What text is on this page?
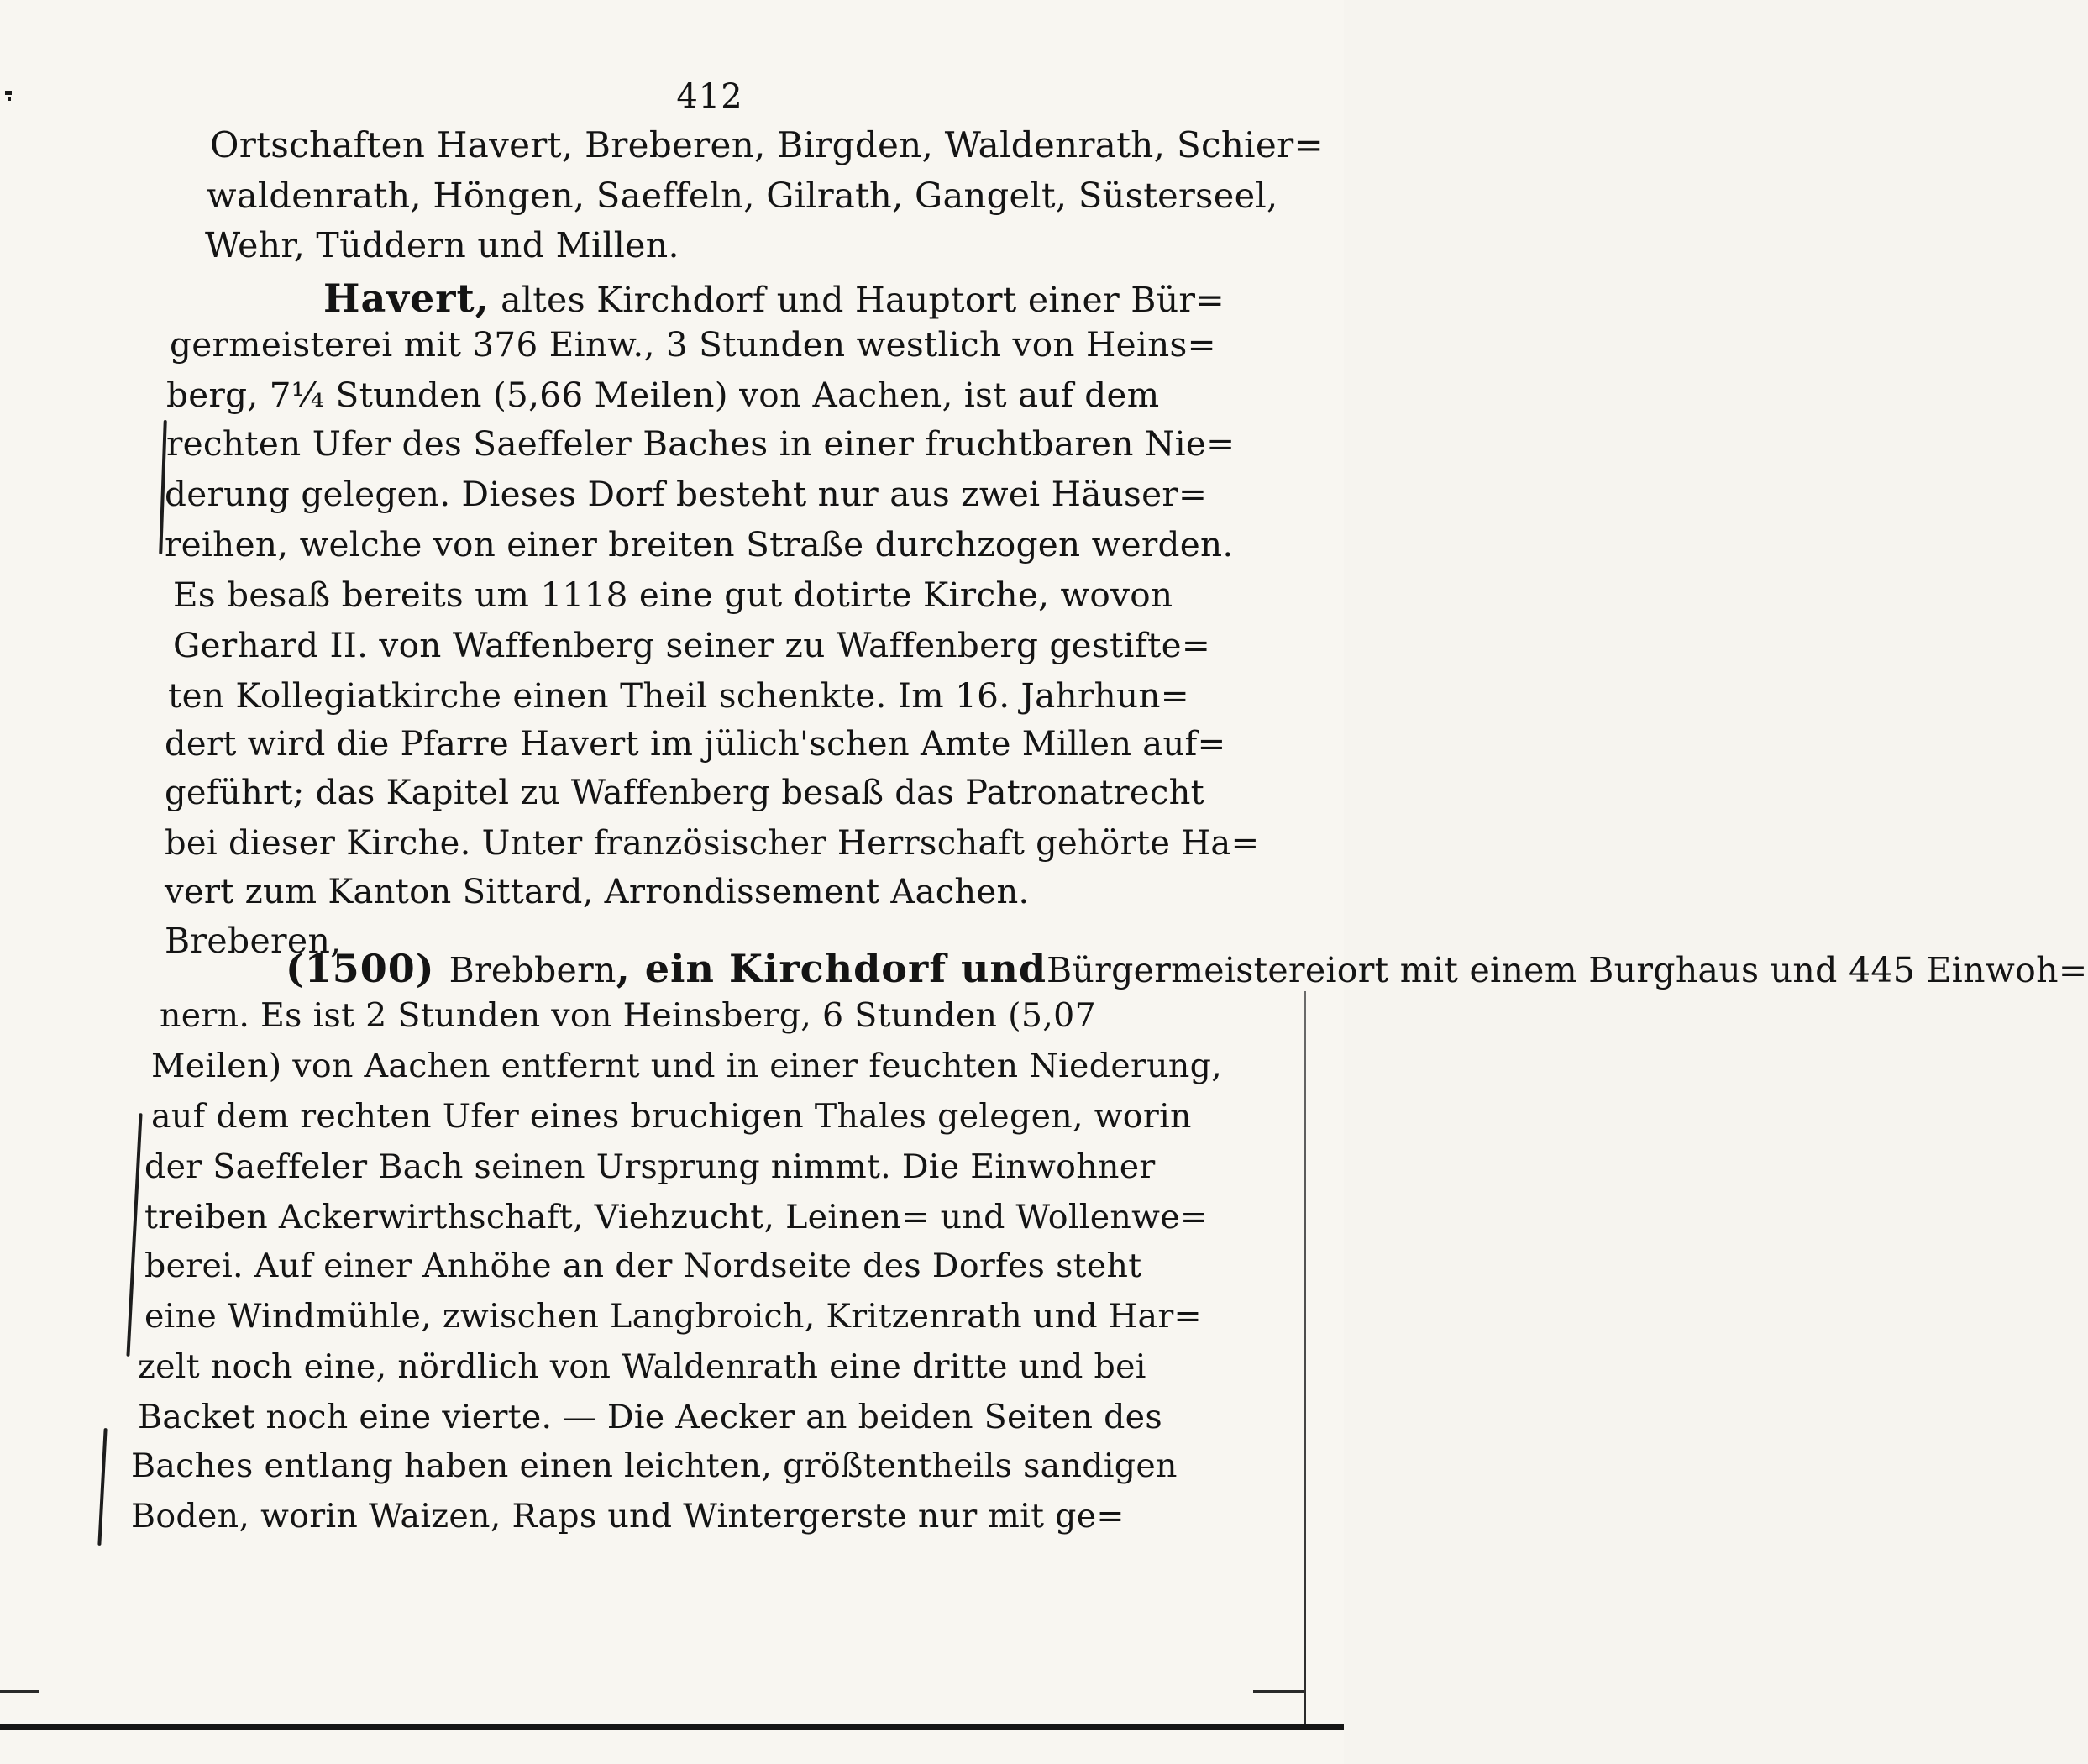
412
Ortschaften Havert, Breberen, Birgden, Waldenrath, Schier=
waldenrath, Höngen, Saeffeln, Gilrath, Gangelt, Süsterseel,
Wehr, Tüddern und Millen.
Havert, altes Kirchdorf und Hauptort einer Bür=
germeisterei mit 376 Einw., 3 Stunden westlich von Heins=
berg, 7¼ Stunden (5,66 Meilen) von Aachen, ist auf dem
rechten Ufer des Saeffeler Baches in einer fruchtbaren Nie=
derung gelegen. Dieses Dorf besteht nur aus zwei Häuser=
reihen, welche von einer breiten Straße durchzogen werden.
Es besaß bereits um 1118 eine gut dotirte Kirche, wovon
Gerhard II. von Waffenberg seiner zu Waffenberg gestifte=
ten Kollegiatkirche einen Theil schenkte. Im 16. Jahrhun=
dert wird die Pfarre Havert im jülich'schen Amte Millen auf=
geführt; das Kapitel zu Waffenberg besaß das Patronatrecht
bei dieser Kirche. Unter französischer Herrschaft gehörte Ha=
vert zum Kanton Sittard, Arrondissement Aachen.
Breberen,
(1500) Brebbern, ein Kirchdorf undBürgermeistereiort mit einem Burghaus und 445 Einwoh=
nern. Es ist 2 Stunden von Heinsberg, 6 Stunden (5,07
Meilen) von Aachen entfernt und in einer feuchten Niederung,
auf dem rechten Ufer eines bruchigen Thales gelegen, worin
der Saeffeler Bach seinen Ursprung nimmt. Die Einwohner
treiben Ackerwirthschaft, Viehzucht, Leinen= und Wollenwe=
berei. Auf einer Anhöhe an der Nordseite des Dorfes steht
eine Windmühle, zwischen Langbroich, Kritzenrath und Har=
zelt noch eine, nördlich von Waldenrath eine dritte und bei
Backet noch eine vierte. — Die Aecker an beiden Seiten des
Baches entlang haben einen leichten, größtentheils sandigen
Boden, worin Waizen, Raps und Wintergerste nur mit ge=
